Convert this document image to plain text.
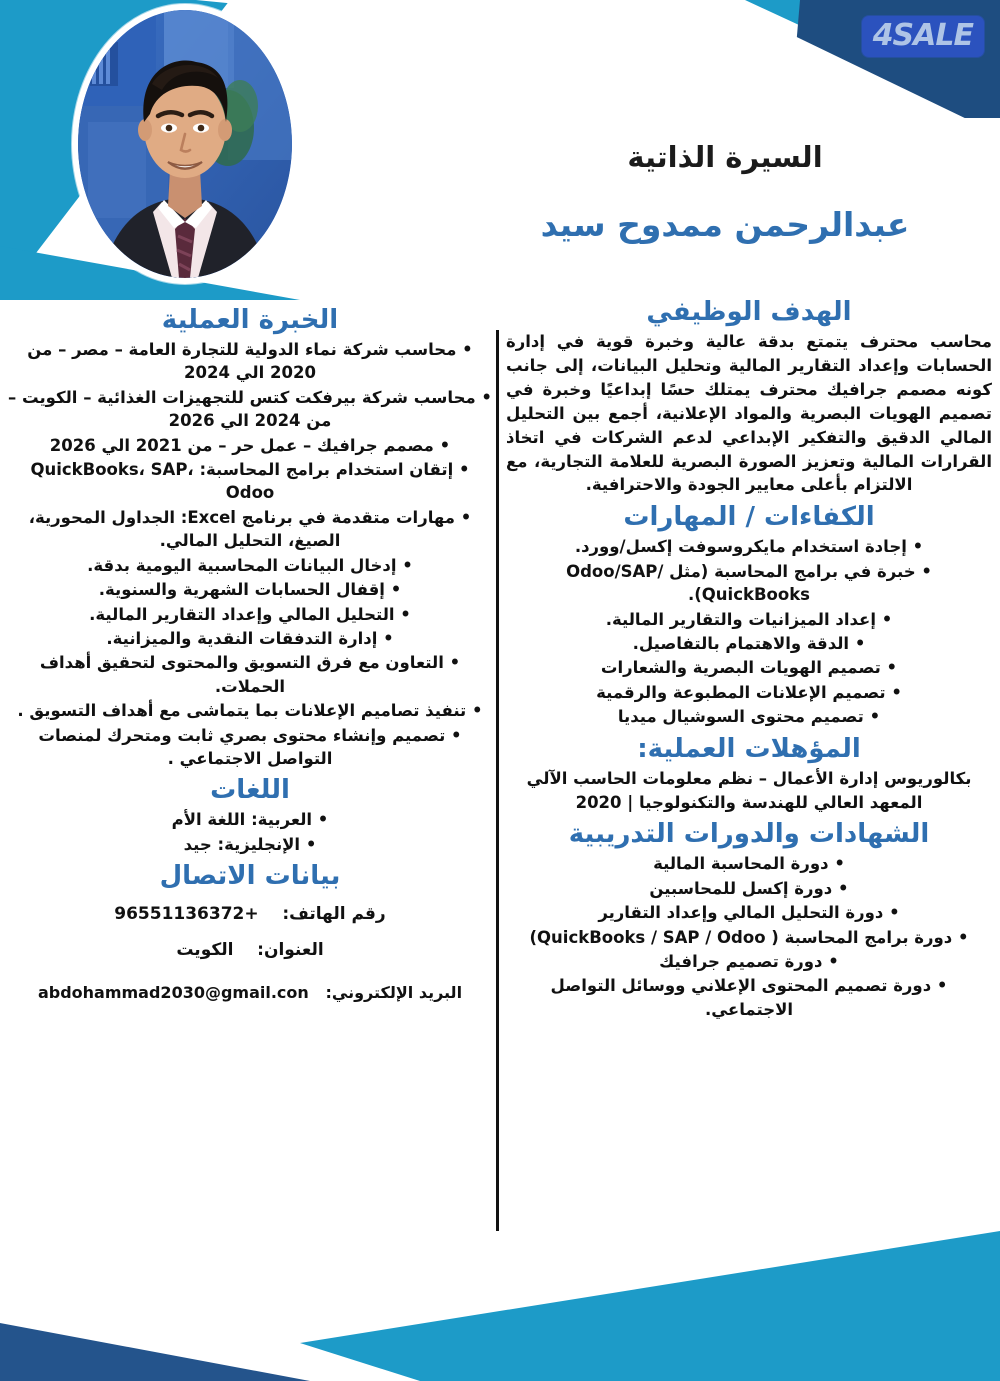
4SALE
السيرة الذاتية
عبدالرحمن ممدوح سيد
الهدف الوظيفي

محاسب محترف يتمتع بدقة عالية وخبرة قوية في إدارة الحسابات وإعداد التقارير المالية وتحليل البيانات، إلى جانب كونه مصمم جرافيك محترف يمتلك حسًا إبداعيًا وخبرة في تصميم الهويات البصرية والمواد الإعلانية، أجمع بين التحليل المالي الدقيق والتفكير الإبداعي لدعم الشركات في اتخاذ القرارات المالية وتعزيز الصورة البصرية للعلامة التجارية، مع الالتزام بأعلى معايير الجودة والاحترافية.

الكفاءات / المهارات
• إجادة استخدام مايكروسوفت إكسل/وورد.
• خبرة في برامج المحاسبة (مثل Odoo/SAP/ QuickBooks).
• إعداد الميزانيات والتقارير المالية.
• الدقة والاهتمام بالتفاصيل.
• تصميم الهويات البصرية والشعارات
• تصميم الإعلانات المطبوعة والرقمية
• تصميم محتوى السوشيال ميديا
المؤهلات العملية:
بكالوريوس إدارة الأعمال – نظم معلومات الحاسب الآلي
المعهد العالي للهندسة والتكنولوجيا | 2020
الشهادات والدورات التدريبية
• دورة المحاسبة المالية
• دورة إكسل للمحاسبين
• دورة التحليل المالي وإعداد التقارير
• دورة برامج المحاسبة ( QuickBooks / SAP / Odoo)
• دورة تصميم جرافيك
• دورة تصميم المحتوى الإعلاني ووسائل التواصل الاجتماعي.
الخبرة العملية
• محاسب شركة نماء الدولية للتجارة العامة – مصر – من 2020 الي 2024
• محاسب شركة بيرفكت كتس للتجهيزات الغذائية – الكويت – من 2024 الي 2026
• مصمم جرافيك – عمل حر – من 2021 الي 2026
• إتقان استخدام برامج المحاسبة: QuickBooks، SAP، Odoo
• مهارات متقدمة في برنامج Excel: الجداول المحورية، الصيغ، التحليل المالي.
• إدخال البيانات المحاسبية اليومية بدقة.
• إقفال الحسابات الشهرية والسنوية.
• التحليل المالي وإعداد التقارير المالية.
• إدارة التدفقات النقدية والميزانية.
• التعاون مع فرق التسويق والمحتوى لتحقيق أهداف الحملات.
• تنفيذ تصاميم الإعلانات بما يتماشى مع أهداف التسويق .
• تصميم وإنشاء محتوى بصري ثابت ومتحرك لمنصات التواصل الاجتماعي .
اللغات
• العربية: اللغة الأم
• الإنجليزية: جيد
بيانات الاتصال
رقم الهاتف:    +96551136372
العنوان:    الكويت
البريد الإلكتروني:   abdohammad2030@gmail.con
